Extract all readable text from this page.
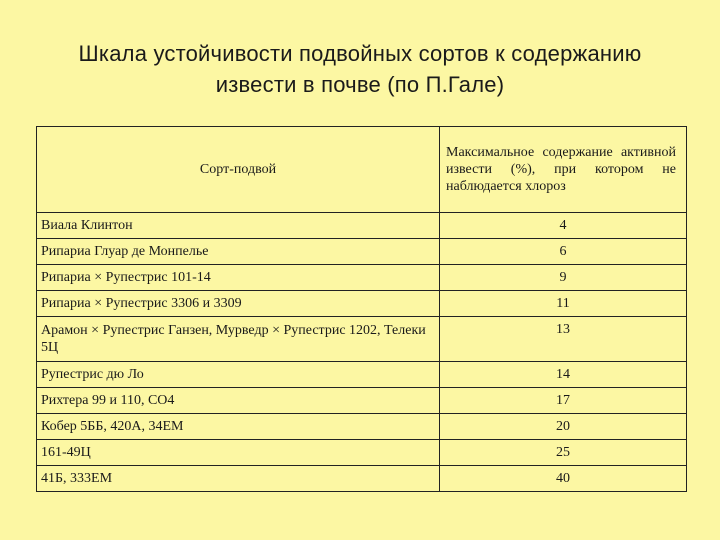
Шкала устойчивости подвойных сортов к содержанию
извести в почве (по П.Гале)
Сорт-подвой	Максимальное содержание активной извести (%), при котором не наблюдается хлороз
Виала Клинтон	4
Рипариа Глуар де Монпелье	6
Рипариа × Рупестрис 101-14	9
Рипариа × Рупестрис 3306 и 3309	11
Арамон × Рупестрис Ганзен, Мурведр × Рупестрис 1202, Телеки 5Ц	13
Рупестрис дю Ло	14
Рихтера 99 и 110, СО4	17
Кобер 5ББ, 420А, 34ЕМ	20
161-49Ц	25
41Б, 333ЕМ	40
